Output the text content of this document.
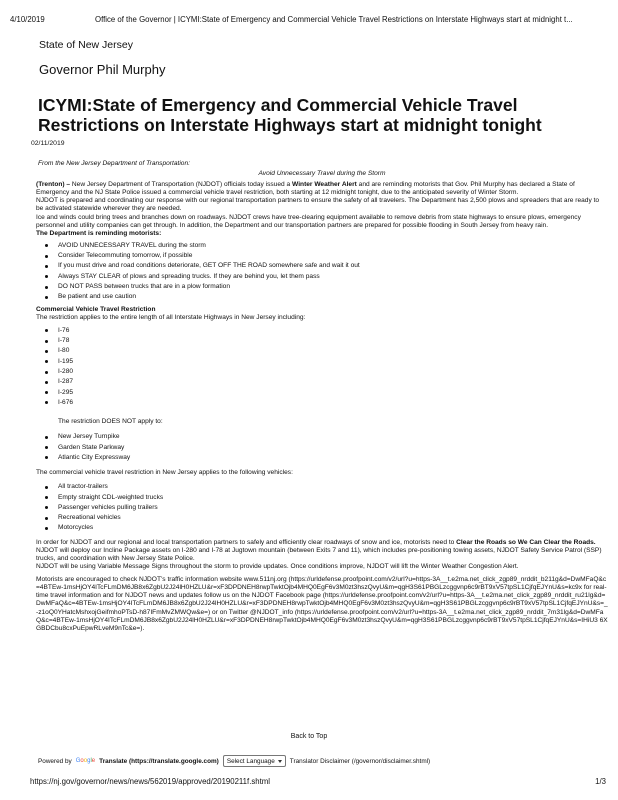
4/10/2019	Office of the Governor | ICYMI:State of Emergency and Commercial Vehicle Travel Restrictions on Interstate Highways start at midnight t...
State of New Jersey
Governor Phil Murphy
ICYMI:State of Emergency and Commercial Vehicle Travel Restrictions on Interstate Highways start at midnight tonight
02/11/2019

From the New Jersey Department of Transportation:

Avoid Unnecessary Travel during the Storm

(Trenton) – New Jersey Department of Transportation (NJDOT) officials today issued a Winter Weather Alert and are reminding motorists that Gov. Phil Murphy has declared a State of Emergency and the NJ State Police issued a commercial vehicle travel restriction, both starting at 12 midnight tonight, due to the anticipated severity of Winter Storm.

NJDOT is prepared and coordinating our response with our regional transportation partners to ensure the safety of all travelers. The Department has 2,500 plows and spreaders that are ready to be activated statewide wherever they are needed.

Ice and winds could bring trees and branches down on roadways. NJDOT crews have tree-clearing equipment available to remove debris from state highways to ensure plows, emergency personnel and utility companies can get through. In addition, the Department and our transportation partners are prepared for possible flooding in South Jersey from heavy rain.

The Department is reminding motorists:

AVOID UNNECESSARY TRAVEL during the storm
Consider Telecommuting tomorrow, if possible
If you must drive and road conditions deteriorate, GET OFF THE ROAD somewhere safe and wait it out
Always STAY CLEAR of plows and spreading trucks. If they are behind you, let them pass
DO NOT PASS between trucks that are in a plow formation
Be patient and use caution

Commercial Vehicle Travel Restriction

The restriction applies to the entire length of all Interstate Highways in New Jersey including:

I-76
I-78
I-80
I-195
I-280
I-287
I-295
I-676

The restriction DOES NOT apply to:

New Jersey Turnpike
Garden State Parkway
Atlantic City Expressway

The commercial vehicle travel restriction in New Jersey applies to the following vehicles:

All tractor-trailers
Empty straight CDL-weighted trucks
Passenger vehicles pulling trailers
Recreational vehicles
Motorcycles

In order for NJDOT and our regional and local transportation partners to safely and efficiently clear roadways of snow and ice, motorists need to Clear the Roads so We Can Clear the Roads.

NJDOT will deploy our Incline Package assets on I-280 and I-78 at Jugtown mountain (between Exits 7 and 11), which includes pre-positioning towing assets, NJDOT Safety Service Patrol (SSP) trucks, and coordination with New Jersey State Police.

NJDOT will be using Variable Message Signs throughout the storm to provide updates. Once conditions improve, NJDOT will lift the Winter Weather Congestion Alert.

Motorists are encouraged to check NJDOT’s traffic information website www.511nj.org (https://urldefense.proofpoint.com/v2/url?u=https-3A__t.e2ma.net_click_zgp89_nrddit_b211g&d=DwMFaQ&c=4BTEw-1msHjOY4ITcFLmDM6JB8x6ZgbU2J24lH0HZLU&r=xF3DPDNEH8rwpTwktOjb4MHQ0EgF6v3M0zt3hszQvyU&m=qgH3S61PBGLzcggvnp6c9rBT9xV57tpSL1CjfqEJYnU&s=kc9x for real-time travel information and for NJDOT news and updates follow us on the NJDOT Facebook page (https://urldefense.proofpoint.com/v2/url?u=https-3A__t.e2ma.net_click_zgp89_nrddit_ru21lg&d=DwMFaQ&c=4BTEw-1msHjOY4ITcFLmDM6JB8x6ZgbU2J24lH0HZLU&r=xF3DPDNEH8rwpTwktOjb4MHQ0EgF6v3M0zt3hszQvyU&m=qgH3S61PBGLzcggvnp6c9rBT9xV57tpSL1CjfqEJYnU&s=_-z1oQ0YHatcMshxojGeifmhoPTsD-h87IFmMvZMWQw&e=) or on Twitter @NJDOT_info (https://urldefense.proofpoint.com/v2/url?u=https-3A__t.e2ma.net_click_zgp89_nrddit_7m31lg&d=DwMFaQ&c=4BTEw-1msHjOY4ITcFLmDM6JB8x6ZgbU2J24lH0HZLU&r=xF3DPDNEH8rwpTwktOjb4MHQ0EgF6v3M0zt3hszQvyU&m=qgH3S61PBGLzcggvnp6c9rBT9xV57tpSL1CjfqEJYnU&s=IHiU3 6XGBDCbu8cxPuEpwRLveM9nTc&e=).

Back to Top
Powered by Google Translate (https://translate.google.com) Select Language Translator Disclaimer (/governor/disclaimer.shtml)
https://nj.gov/governor/news/news/562019/approved/20190211f.shtml	1/3
